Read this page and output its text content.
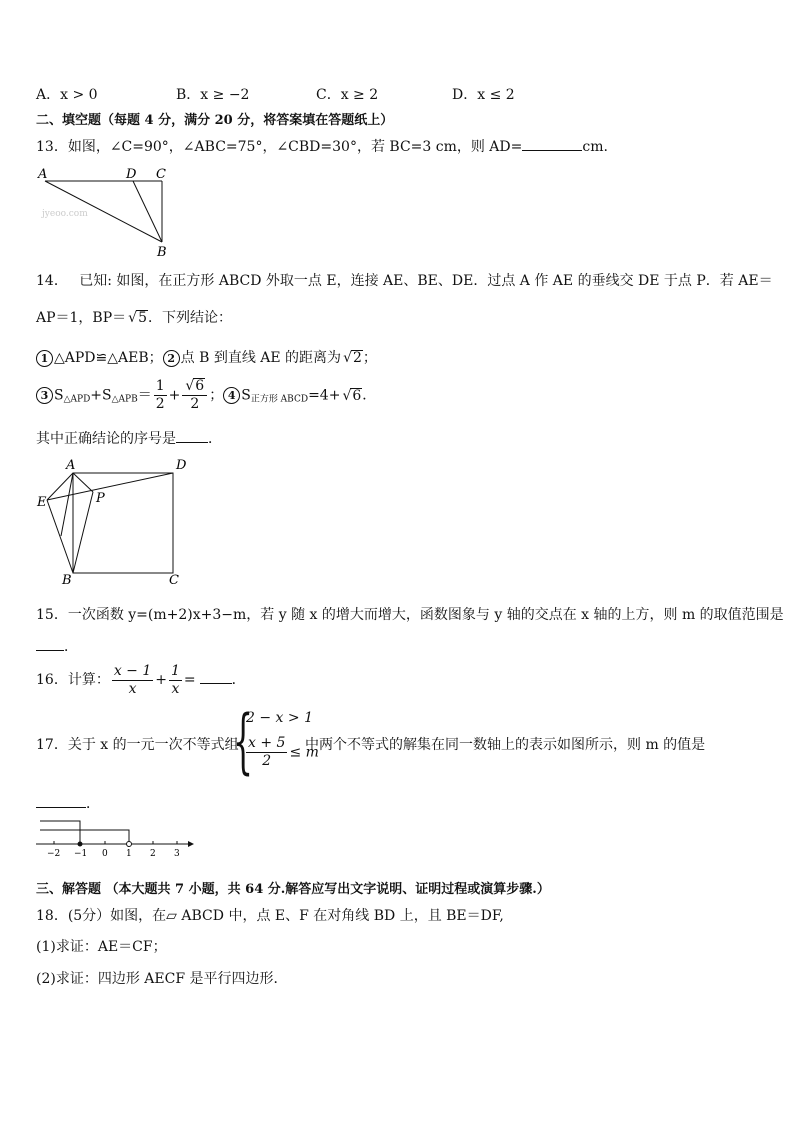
A．x > 0	B．x ≥ −2	C．x ≥ 2	D．x ≤ 2
二、填空题（每题 4 分，满分 20 分，将答案填在答题纸上）
13．如图，∠C=90°，∠ABC=75°，∠CBD=30°，若 BC=3 cm，则 AD=	cm.
A	D C
B
jyeoo.com
14．　 已知: 如图，在正方形 ABCD 外取一点 E，连接 AE、BE、DE．过点 A 作 AE 的垂线交 DE 于点 P．若 AE＝
AP＝1，BP＝√ 5．下列结论：
1 △APD≌△AEB； 2 点 B 到直线 AE 的距离为√ 2；
3 $S_{\triangle APD}+S_{\triangle APB}= \frac{1}{2}$ +
√ $\frac{6}{2}$ ； 4 $S_{正方形 ABCD}=4+√$ 6．
其中正确结论的序号是 ．
A	D
E	P
B	C
15．一次函数 y=(m+2)x+3−m，若 y 随 x 的增大而增大，函数图象与 y 轴的交点在 x 轴的上方，则 m 的取值范围是
．
16．计算： $\frac{x - 1}{x} + \frac{1}{x}$ =	．
17．关于 x 的一元一次不等式组
{
2 − x > 1
$\frac{x + 5}{2} \le m$
中两个不等式的解集在同一数轴上的表示如图所示，则 m 的值是
．
−2 −1 0 1 2 3
三、解答题 （本大题共 7 小题，共 64 分.解答应写出文字说明、证明过程或演算步骤.）
18．(5分）如图，在▱ ABCD 中，点 E、F 在对角线 BD 上，且 BE＝DF,
(1)求证：AE＝CF；
(2)求证：四边形 AECF 是平行四边形．
